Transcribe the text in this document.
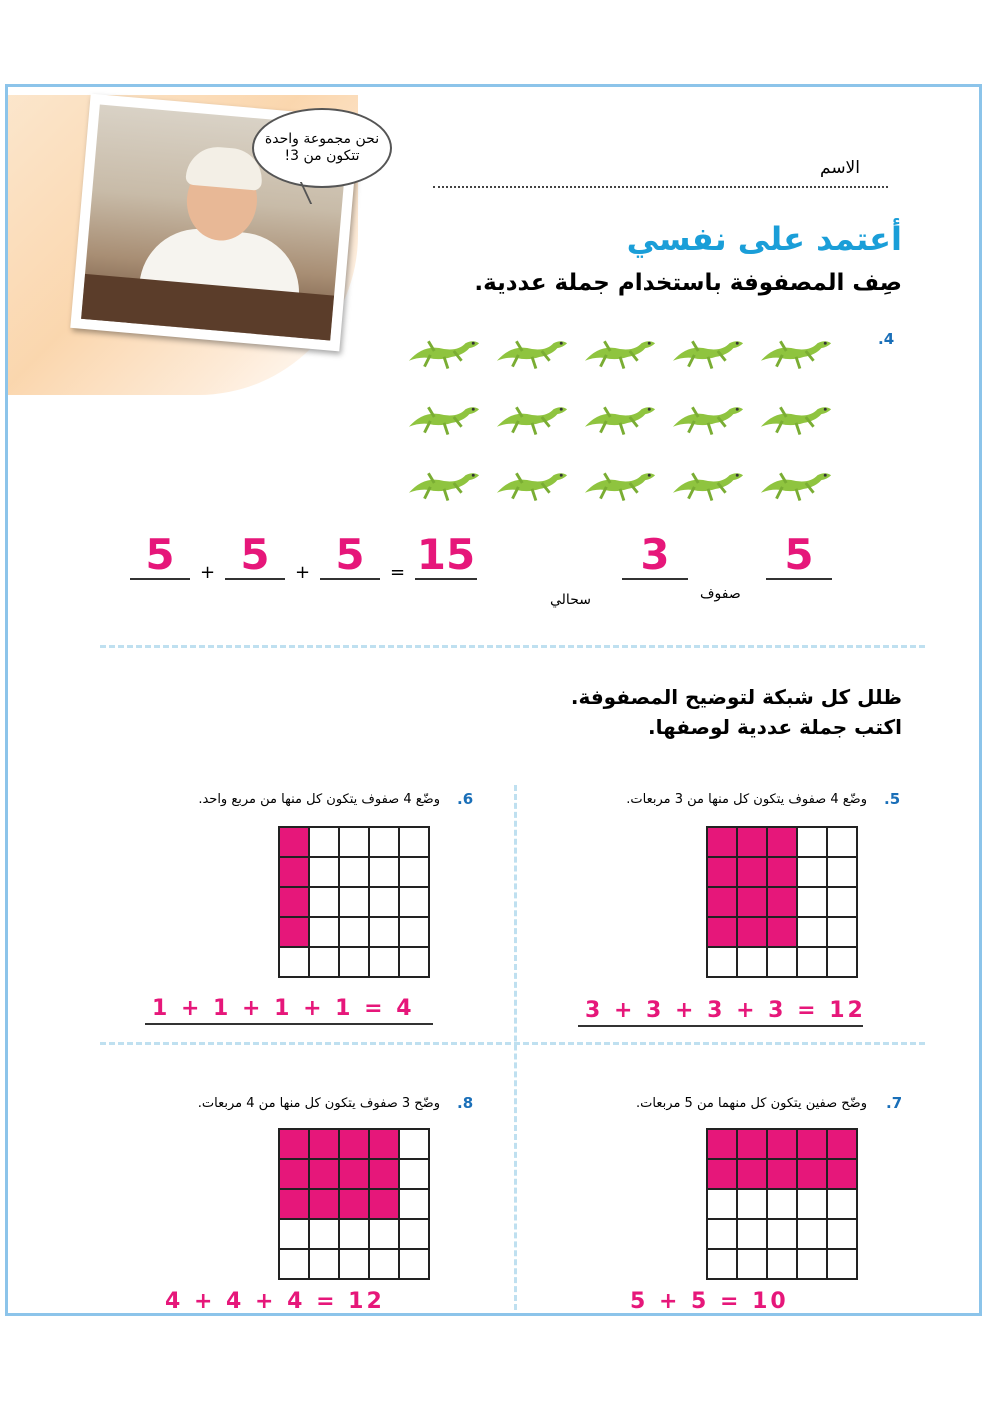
نحن مجموعة واحدة تتكون من 3!
الاسم
أعتمد على نفسي
صِف المصفوفة باستخدام جملة عددية.
.4
5
صفوف
3
سحالي
5	+ 5	+ 5	= 15
ظلل كل شبكة لتوضيح المصفوفة.
اكتب جملة عددية لوصفها.
.5
وضّع 4 صفوف يتكون كل منها من 3 مربعات.
3 + 3 + 3 + 3 = 12
.6
وضّع 4 صفوف يتكون كل منها من مربع واحد.
1 + 1 + 1 + 1 = 4
.7
وضّح صفين يتكون كل منهما من 5 مربعات.
5 + 5 = 10
.8
وضّح 3 صفوف يتكون كل منها من 4 مربعات.
4 + 4 + 4 = 12
